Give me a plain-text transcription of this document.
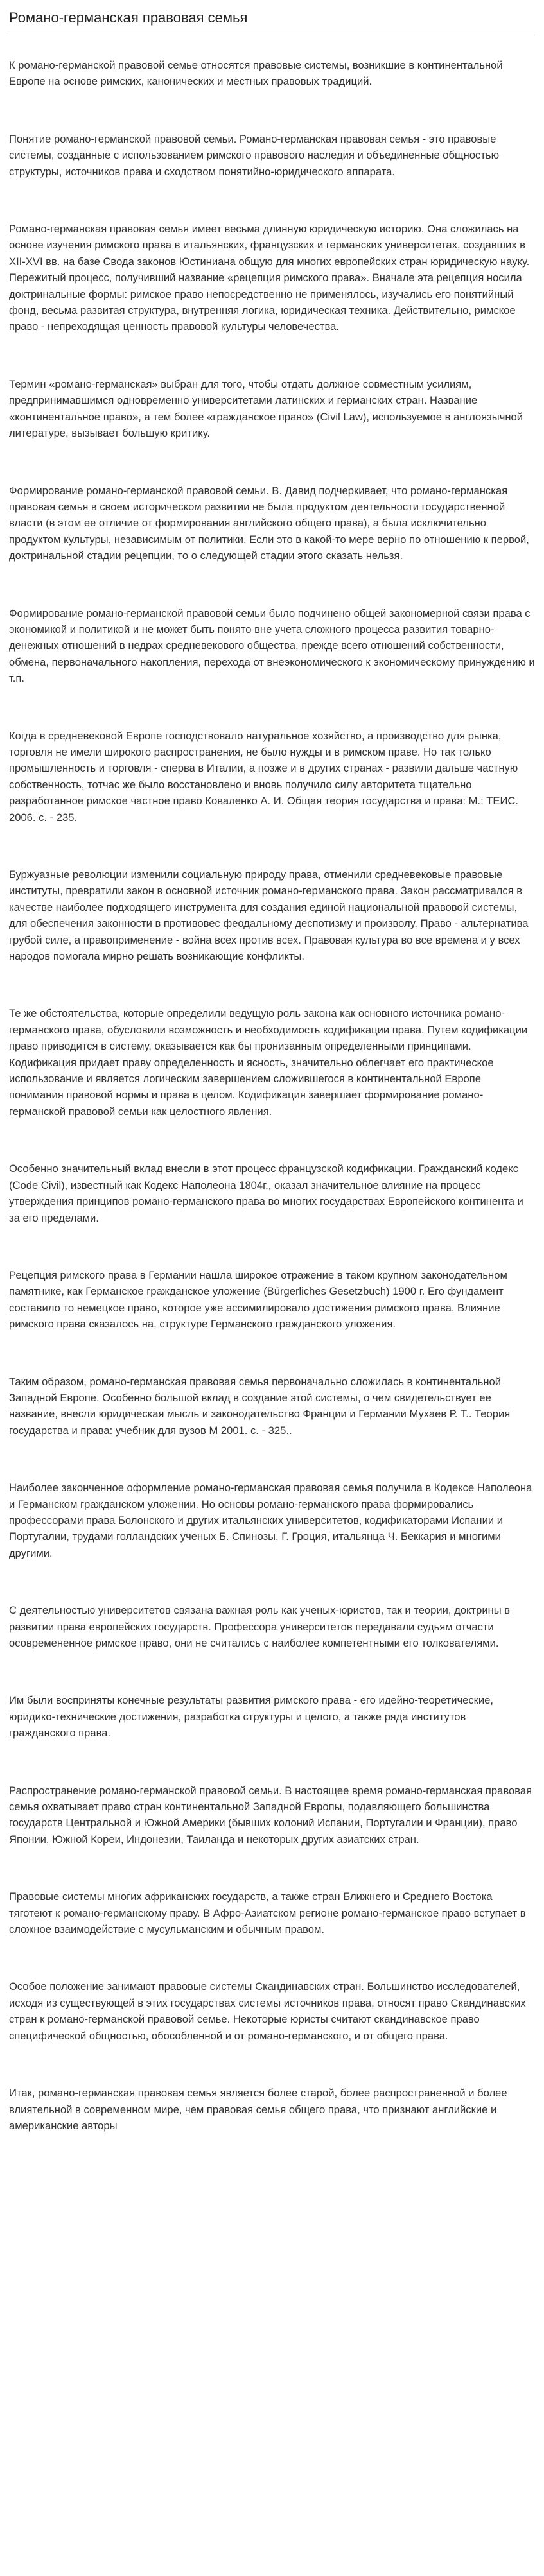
Романо-германская правовая семья

К романо-германской правовой семье относятся правовые системы, возникшие в континентальной Европе на основе римских, канонических и местных правовых традиций.

Понятие романо-германской правовой семьи. Романо-германская правовая семья - это правовые системы, созданные с использованием римского правового наследия и объединенные общностью структуры, источников права и сходством понятийно-юридического аппарата.

Романо-германская правовая семья имеет весьма длинную юридическую историю. Она сложилась на основе изучения римского права в итальянских, французских и германских университетах, создавших в XII-XVI вв. на базе Свода законов Юстиниана общую для многих европейских стран юридическую науку. Пережитый процесс, получивший название «рецепция римского права». Вначале эта рецепция носила доктринальные формы: римское право непосредственно не применялось, изучались его понятийный фонд, весьма развитая структура, внутренняя логика, юридическая техника. Действительно, римское право - непреходящая ценность правовой культуры человечества.

Термин «романо-германская» выбран для того, чтобы отдать должное совместным усилиям, предпринимавшимся одновременно университетами латинских и германских стран. Название «континентальное право», а тем более «гражданское право» (Civil Law), используемое в англоязычной литературе, вызывает большую критику.

Формирование романо-германской правовой семьи. В. Давид подчеркивает, что романо-германская правовая семья в своем историческом развитии не была продуктом деятельности государственной власти (в этом ее отличие от формирования английского общего права), а была исключительно продуктом культуры, независимым от политики. Если это в какой-то мере верно по отношению к первой, доктринальной стадии рецепции, то о следующей стадии этого сказать нельзя.

Формирование романо-германской правовой семьи было подчинено общей закономерной связи права с экономикой и политикой и не может быть понято вне учета сложного процесса развития товарно-денежных отношений в недрах средневекового общества, прежде всего отношений собственности, обмена, первоначального накопления, перехода от внеэкономического к экономическому принуждению и т.п.

Когда в средневековой Европе господствовало натуральное хозяйство, а производство для рынка, торговля не имели широкого распространения, не было нужды и в римском праве. Но так только промышленность и торговля - сперва в Италии, а позже и в других странах - развили дальше частную собственность, тотчас же было восстановлено и вновь получило силу авторитета тщательно разработанное римское частное право Коваленко А. И. Общая теория государства и права: М.: ТЕИС. 2006. с. - 235.

Буржуазные революции изменили социальную природу права, отменили средневековые правовые институты, превратили закон в основной источник романо-германского права. Закон рассматривался в качестве наиболее подходящего инструмента для создания единой национальной правовой системы, для обеспечения законности в противовес феодальному деспотизму и произволу. Право - альтернатива грубой силе, а правоприменение - война всех против всех. Правовая культура во все времена и у всех народов помогала мирно решать возникающие конфликты.

Те же обстоятельства, которые определили ведущую роль закона как основного источника романо-германского права, обусловили возможность и необходимость кодификации права. Путем кодификации право приводится в систему, оказывается как бы пронизанным определенными принципами. Кодификация придает праву определенность и ясность, значительно облегчает его практическое использование и является логическим завершением сложившегося в континентальной Европе понимания правовой нормы и права в целом. Кодификация завершает формирование романо-германской правовой семьи как целостного явления.

Особенно значительный вклад внесли в этот процесс французской кодификации. Гражданский кодекс (Code Civil), известный как Кодекс Наполеона 1804г., оказал значительное влияние на процесс утверждения принципов романо-германского права во многих государствах Европейского континента и за его пределами.

Рецепция римского права в Германии нашла широкое отражение в таком крупном законодательном памятнике, как Германское гражданское уложение (Bürgerliches Gesetzbuch) 1900 г. Его фундамент составило то немецкое право, которое уже ассимилировало достижения римского права. Влияние римского права сказалось на, структуре Германского гражданского уложения.

Таким образом, романо-германская правовая семья первоначально сложилась в континентальной Западной Европе. Особенно большой вклад в создание этой системы, о чем свидетельствует ее название, внесли юридическая мысль и законодательство Франции и Германии Мухаев Р. Т.. Теория государства и права: учебник для вузов М 2001. с. - 325..

Наиболее законченное оформление романо-германская правовая семья получила в Кодексе Наполеона и Германском гражданском уложении. Но основы романо-германского права формировались профессорами права Болонского и других итальянских университетов, кодификаторами Испании и Португалии, трудами голландских ученых Б. Спинозы, Г. Гроция, итальянца Ч. Беккария и многими другими.

С деятельностью университетов связана важная роль как ученых-юристов, так и теории, доктрины в развитии права европейских государств. Профессора университетов передавали судьям отчасти осовремененное римское право, они не считались с наиболее компетентными его толкователями.

Им были восприняты конечные результаты развития римского права - его идейно-теоретические, юридико-технические достижения, разработка структуры и целого, а также ряда институтов гражданского права.

Распространение романо-германской правовой семьи. В настоящее время романо-германская правовая семья охватывает право стран континентальной Западной Европы, подавляющего большинства государств Центральной и Южной Америки (бывших колоний Испании, Португалии и Франции), право Японии, Южной Кореи, Индонезии, Таиланда и некоторых других азиатских стран.

Правовые системы многих африканских государств, а также стран Ближнего и Среднего Востока тяготеют к романо-германскому праву. В Афро-Азиатском регионе романо-германское право вступает в сложное взаимодействие с мусульманским и обычным правом.

Особое положение занимают правовые системы Скандинавских стран. Большинство исследователей, исходя из существующей в этих государствах системы источников права, относят право Скандинавских стран к романо-германской правовой семье. Некоторые юристы считают скандинавское право специфической общностью, обособленной и от романо-германского, и от общего права.

Итак, романо-германская правовая семья является более старой, более распространенной и более влиятельной в современном мире, чем правовая семья общего права, что признают английские и американские авторы
